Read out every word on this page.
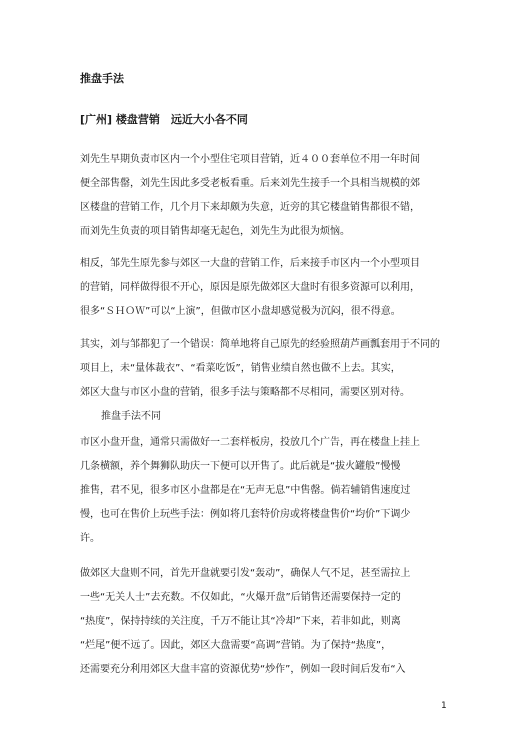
推盘手法
[广州] 楼盘营销　远近大小各不同
刘先生早期负责市区内一个小型住宅项目营销，近４００套单位不用一年时间
便全部售罄，刘先生因此多受老板看重。后来刘先生接手一个具相当规模的郊
区楼盘的营销工作，几个月下来却颇为失意，近旁的其它楼盘销售都很不错，
而刘先生负责的项目销售却毫无起色，刘先生为此很为烦恼。
相反，邹先生原先参与郊区一大盘的营销工作，后来接手市区内一个小型项目
的营销，同样做得很不开心，原因是原先做郊区大盘时有很多资源可以利用，
很多“ＳＨＯＷ”可以“上演”，但做市区小盘却感觉极为沉闷，很不得意。
其实，刘与邹都犯了一个错误：简单地将自己原先的经验照葫芦画瓢套用于不同的
项目上，未“量体裁衣”、“看菜吃饭”，销售业绩自然也做不上去。其实，
郊区大盘与市区小盘的营销，很多手法与策略都不尽相同，需要区别对待。
推盘手法不同
市区小盘开盘，通常只需做好一二套样板房，投放几个广告，再在楼盘上挂上
几条横额，养个舞狮队助庆一下便可以开售了。此后就是“拔火罐般”慢慢
推售，君不见，很多市区小盘都是在“无声无息”中售罄。倘若辅销售速度过
慢，也可在售价上玩些手法：例如将几套特价房或将楼盘售价“均价”下调少
许。
做郊区大盘则不同，首先开盘就要引发“轰动”，确保人气不足，甚至需拉上
一些“无关人士”去充数。不仅如此，“火爆开盘”后销售还需要保持一定的
“热度”，保持持续的关注度，千万不能让其“冷却”下来，若非如此，则离
“烂尾”便不远了。因此，郊区大盘需要“高调”营销。为了保持“热度”，
还需要充分利用郊区大盘丰富的资源优势“炒作”，例如一段时间后发布“入
1
